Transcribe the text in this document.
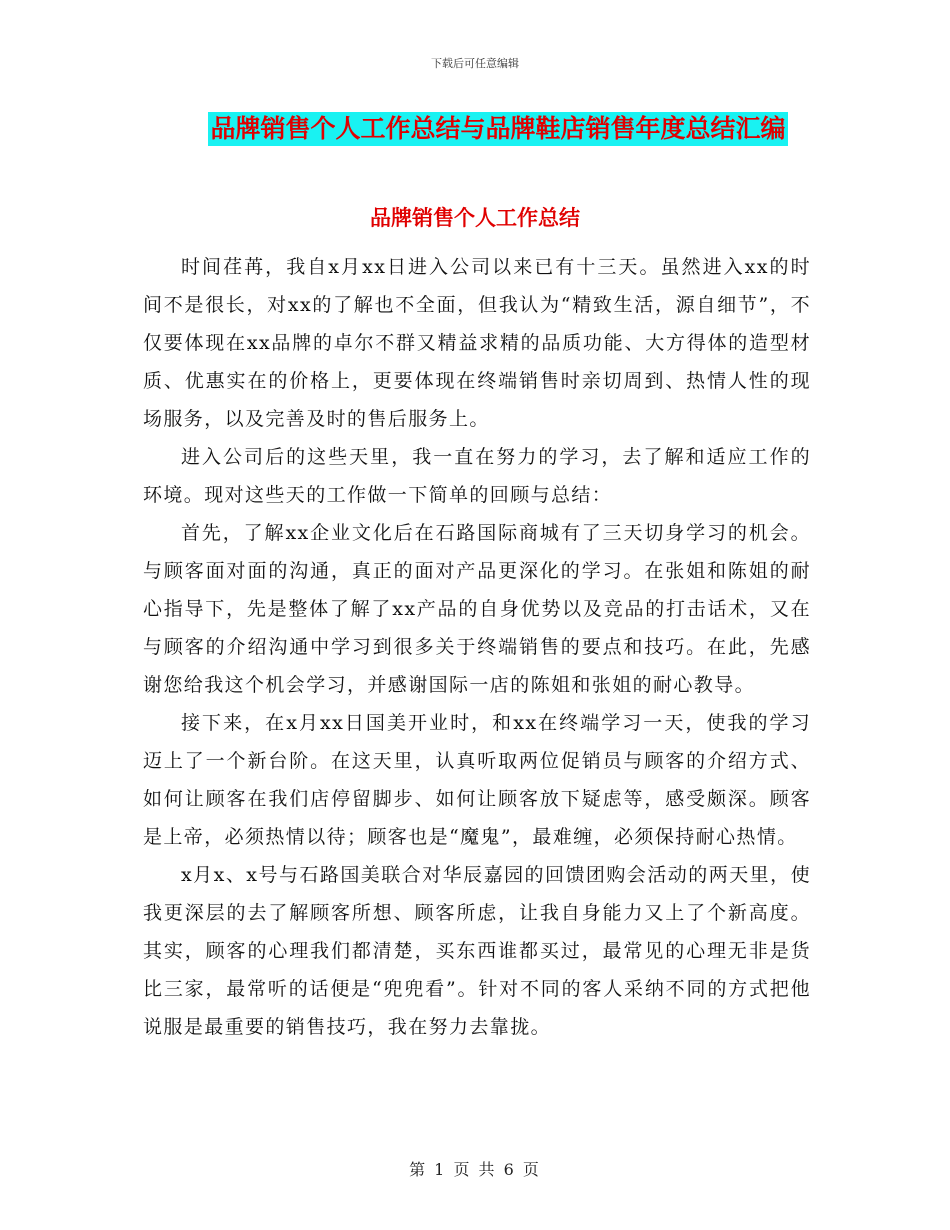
下载后可任意编辑
品牌销售个人工作总结与品牌鞋店销售年度总结汇编
品牌销售个人工作总结

时间荏苒，我自x月xx日进入公司以来已有十三天。虽然进入xx的时间不是很长，对xx的了解也不全面，但我认为“精致生活，源自细节”，不仅要体现在xx品牌的卓尔不群又精益求精的品质功能、大方得体的造型材质、优惠实在的价格上，更要体现在终端销售时亲切周到、热情人性的现场服务，以及完善及时的售后服务上。

进入公司后的这些天里，我一直在努力的学习，去了解和适应工作的环境。现对这些天的工作做一下简单的回顾与总结：

首先，了解xx企业文化后在石路国际商城有了三天切身学习的机会。与顾客面对面的沟通，真正的面对产品更深化的学习。在张姐和陈姐的耐心指导下，先是整体了解了xx产品的自身优势以及竞品的打击话术，又在与顾客的介绍沟通中学习到很多关于终端销售的要点和技巧。在此，先感谢您给我这个机会学习，并感谢国际一店的陈姐和张姐的耐心教导。

接下来，在x月xx日国美开业时，和xx在终端学习一天，使我的学习迈上了一个新台阶。在这天里，认真听取两位促销员与顾客的介绍方式、如何让顾客在我们店停留脚步、如何让顾客放下疑虑等，感受颇深。顾客是上帝，必须热情以待；顾客也是“魔鬼”，最难缠，必须保持耐心热情。

x月x、x号与石路国美联合对华辰嘉园的回馈团购会活动的两天里，使我更深层的去了解顾客所想、顾客所虑，让我自身能力又上了个新高度。其实，顾客的心理我们都清楚，买东西谁都买过，最常见的心理无非是货比三家，最常听的话便是“兜兜看”。针对不同的客人采纳不同的方式把他说服是最重要的销售技巧，我在努力去靠拢。

第 1 页 共 6 页
